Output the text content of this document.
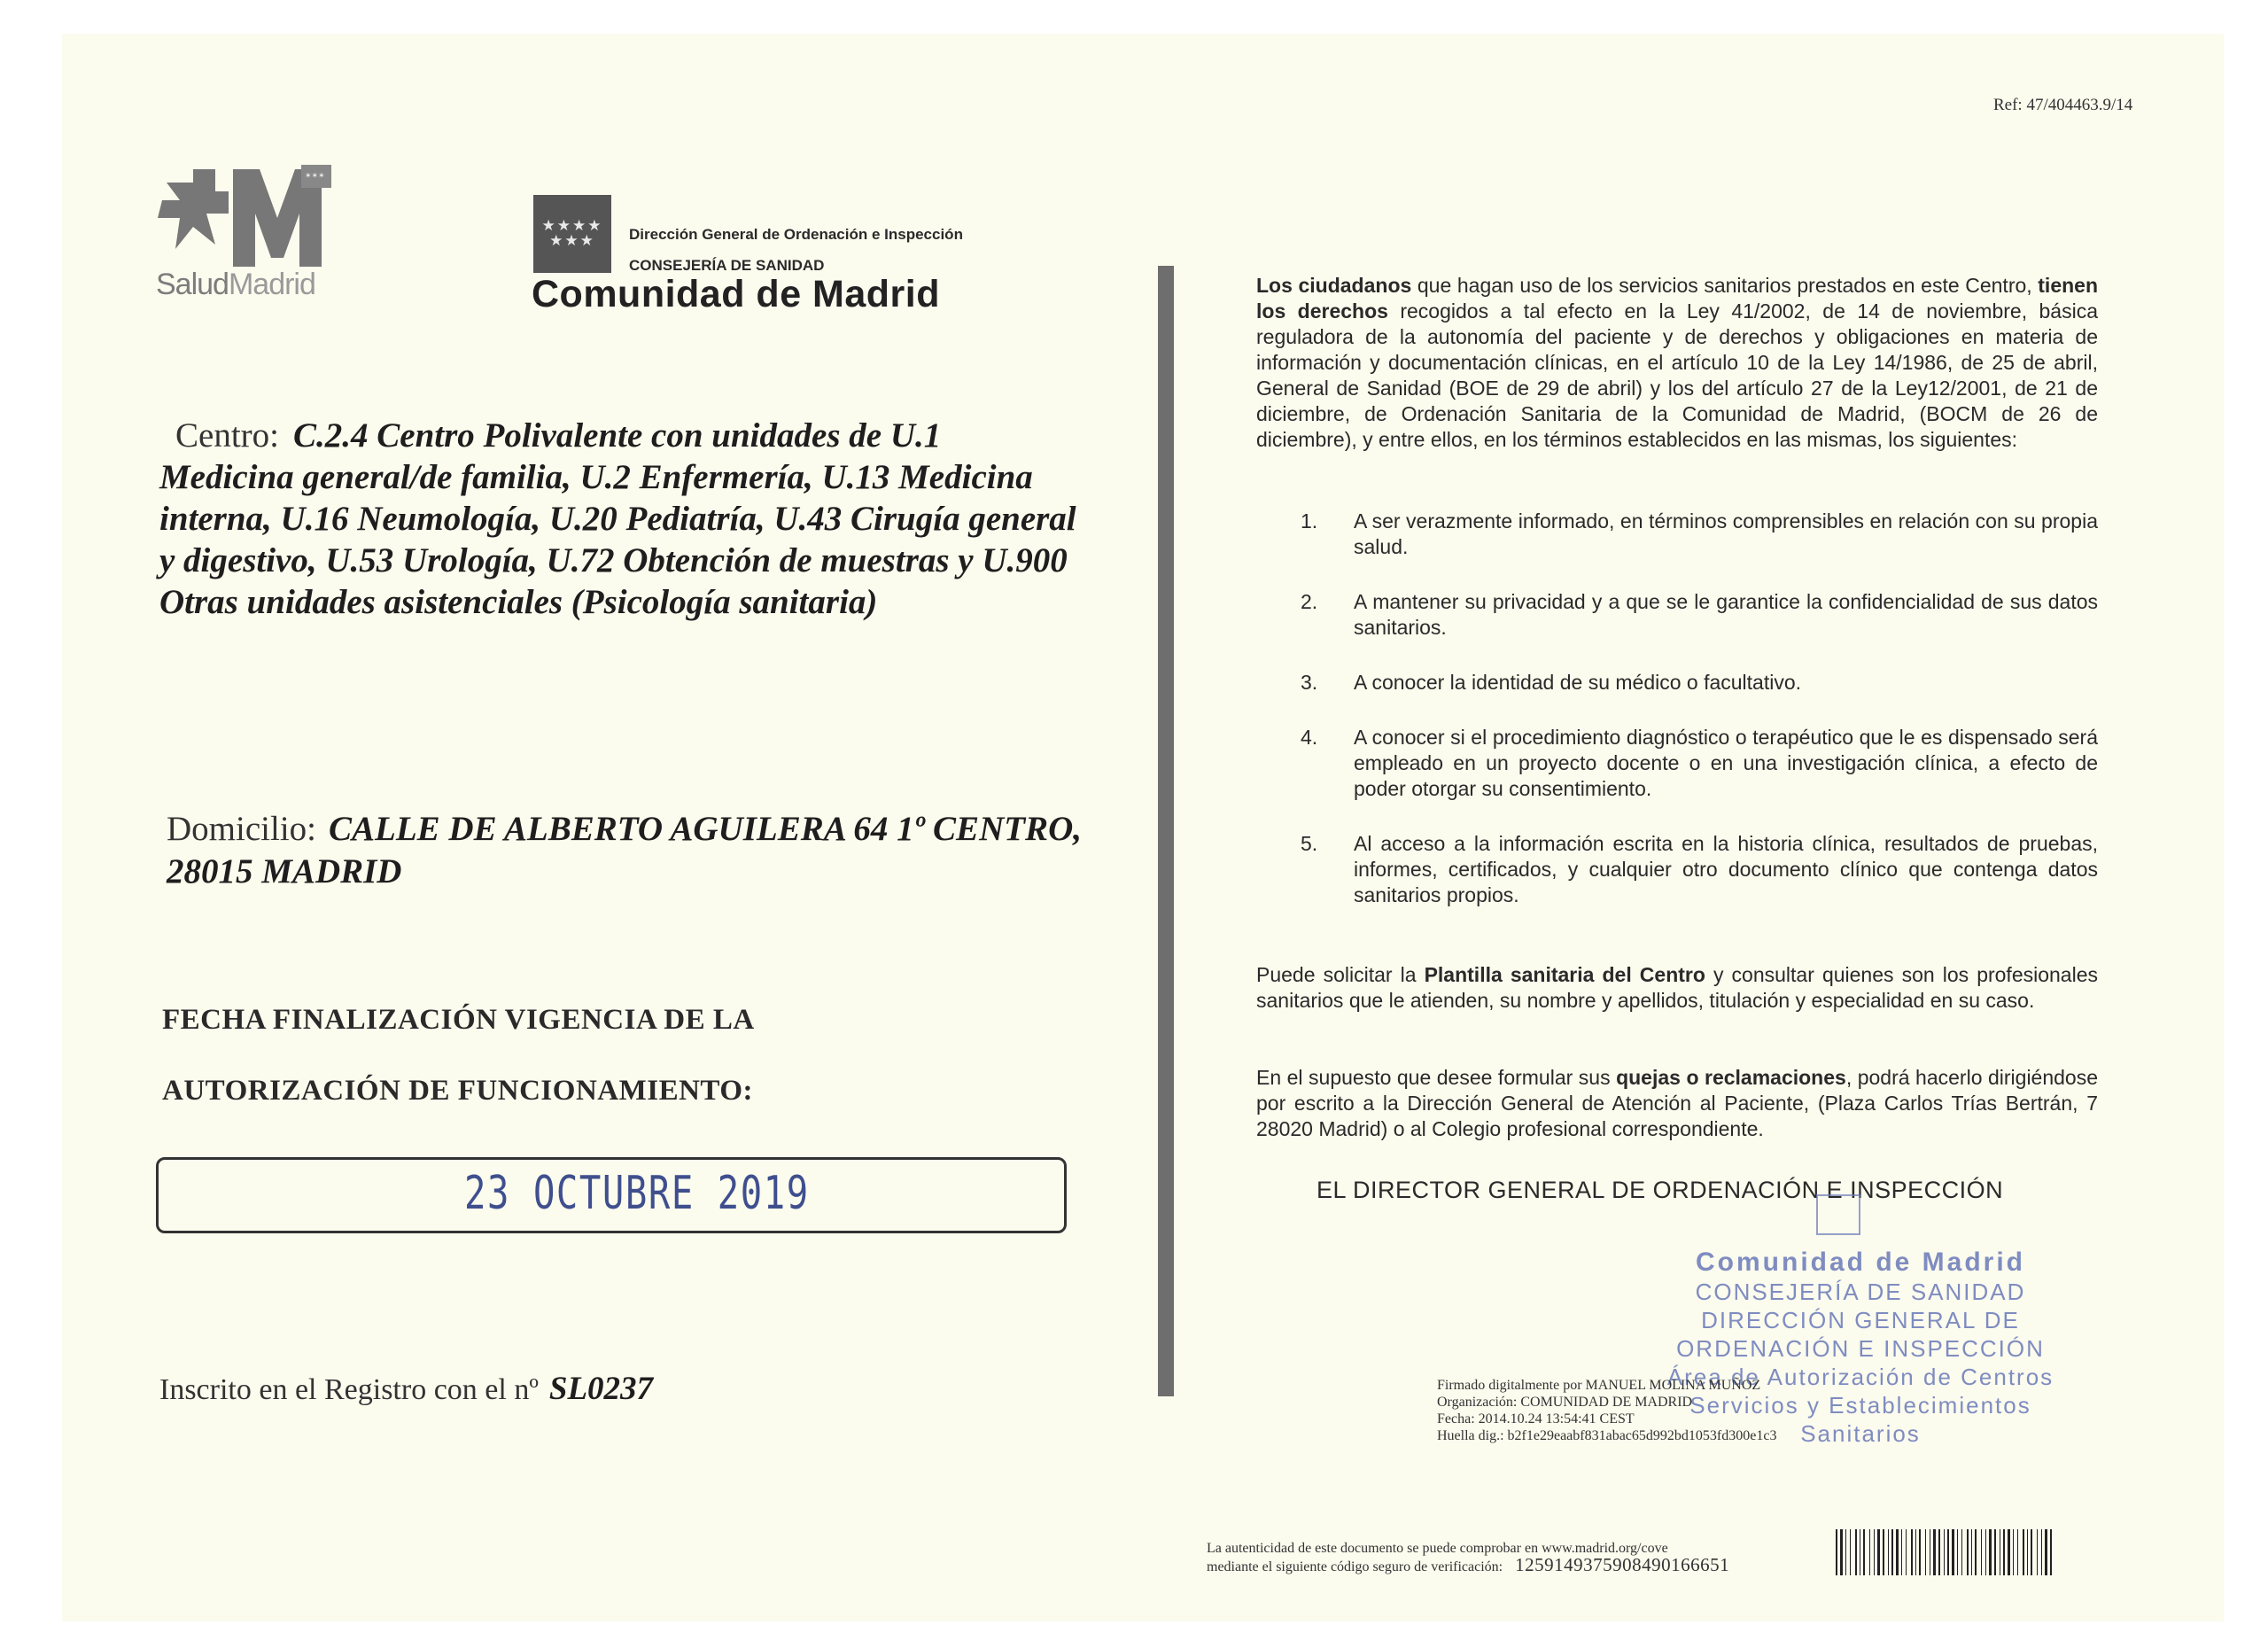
Ref: 47/404463.9/14
✶✶✶
SaludMadrid
★★★★
★★★	Dirección General de Ordenación e Inspección
CONSEJERÍA DE SANIDAD
Comunidad de Madrid
Centro: C.2.4 Centro Polivalente con unidades de U.1 Medicina general/de familia, U.2 Enfermería, U.13 Medicina interna, U.16 Neumología, U.20 Pediatría, U.43 Cirugía general y digestivo, U.53 Urología, U.72 Obtención de muestras y U.900 Otras unidades asistenciales (Psicología sanitaria)
Domicilio: CALLE DE ALBERTO AGUILERA 64 1º CENTRO, 28015 MADRID
FECHA FINALIZACIÓN VIGENCIA DE LA
AUTORIZACIÓN DE FUNCIONAMIENTO:
23 OCTUBRE 2019
Inscrito en el Registro con el nº SL0237
Los ciudadanos que hagan uso de los servicios sanitarios prestados en este Centro, tienen los derechos recogidos a tal efecto en la Ley 41/2002, de 14 de noviembre, básica reguladora de la autonomía del paciente y de derechos y obligaciones en materia de información y documentación clínicas, en el artículo 10 de la Ley 14/1986, de 25 de abril, General de Sanidad (BOE de 29 de abril) y los del artículo 27 de la Ley12/2001, de 21 de diciembre, de Ordenación Sanitaria de la Comunidad de Madrid, (BOCM de 26 de diciembre), y entre ellos, en los términos establecidos en las mismas, los siguientes:
1. A ser verazmente informado, en términos comprensibles en relación con su propia salud.
2. A mantener su privacidad y a que se le garantice la confidencialidad de sus datos sanitarios.
3. A conocer la identidad de su médico o facultativo.
4. A conocer si el procedimiento diagnóstico o terapéutico que le es dispensado será empleado en un proyecto docente o en una investigación clínica, a efecto de poder otorgar su consentimiento.
5. Al acceso a la información escrita en la historia clínica, resultados de pruebas, informes, certificados, y cualquier otro documento clínico que contenga datos sanitarios propios.
Puede solicitar la Plantilla sanitaria del Centro y consultar quienes son los profesionales sanitarios que le atienden, su nombre y apellidos, titulación y especialidad en su caso.
En el supuesto que desee formular sus quejas o reclamaciones, podrá hacerlo dirigiéndose por escrito a la Dirección General de Atención al Paciente, (Plaza Carlos Trías Bertrán, 7 28020 Madrid) o al Colegio profesional correspondiente.
EL DIRECTOR GENERAL DE ORDENACIÓN E INSPECCIÓN
Comunidad de Madrid
CONSEJERÍA DE SANIDAD
DIRECCIÓN GENERAL DE
ORDENACIÓN E INSPECCIÓN
Área de Autorización de Centros
Servicios y Establecimientos Sanitarios
Firmado digitalmente por MANUEL MOLINA MUÑOZ
Organización: COMUNIDAD DE MADRID
Fecha: 2014.10.24 13:54:41 CEST
Huella dig.: b2f1e29eaabf831abac65d992bd1053fd300e1c3
La autenticidad de este documento se puede comprobar en www.madrid.org/cove
mediante el siguiente código seguro de verificación: 1259149375908490166651
